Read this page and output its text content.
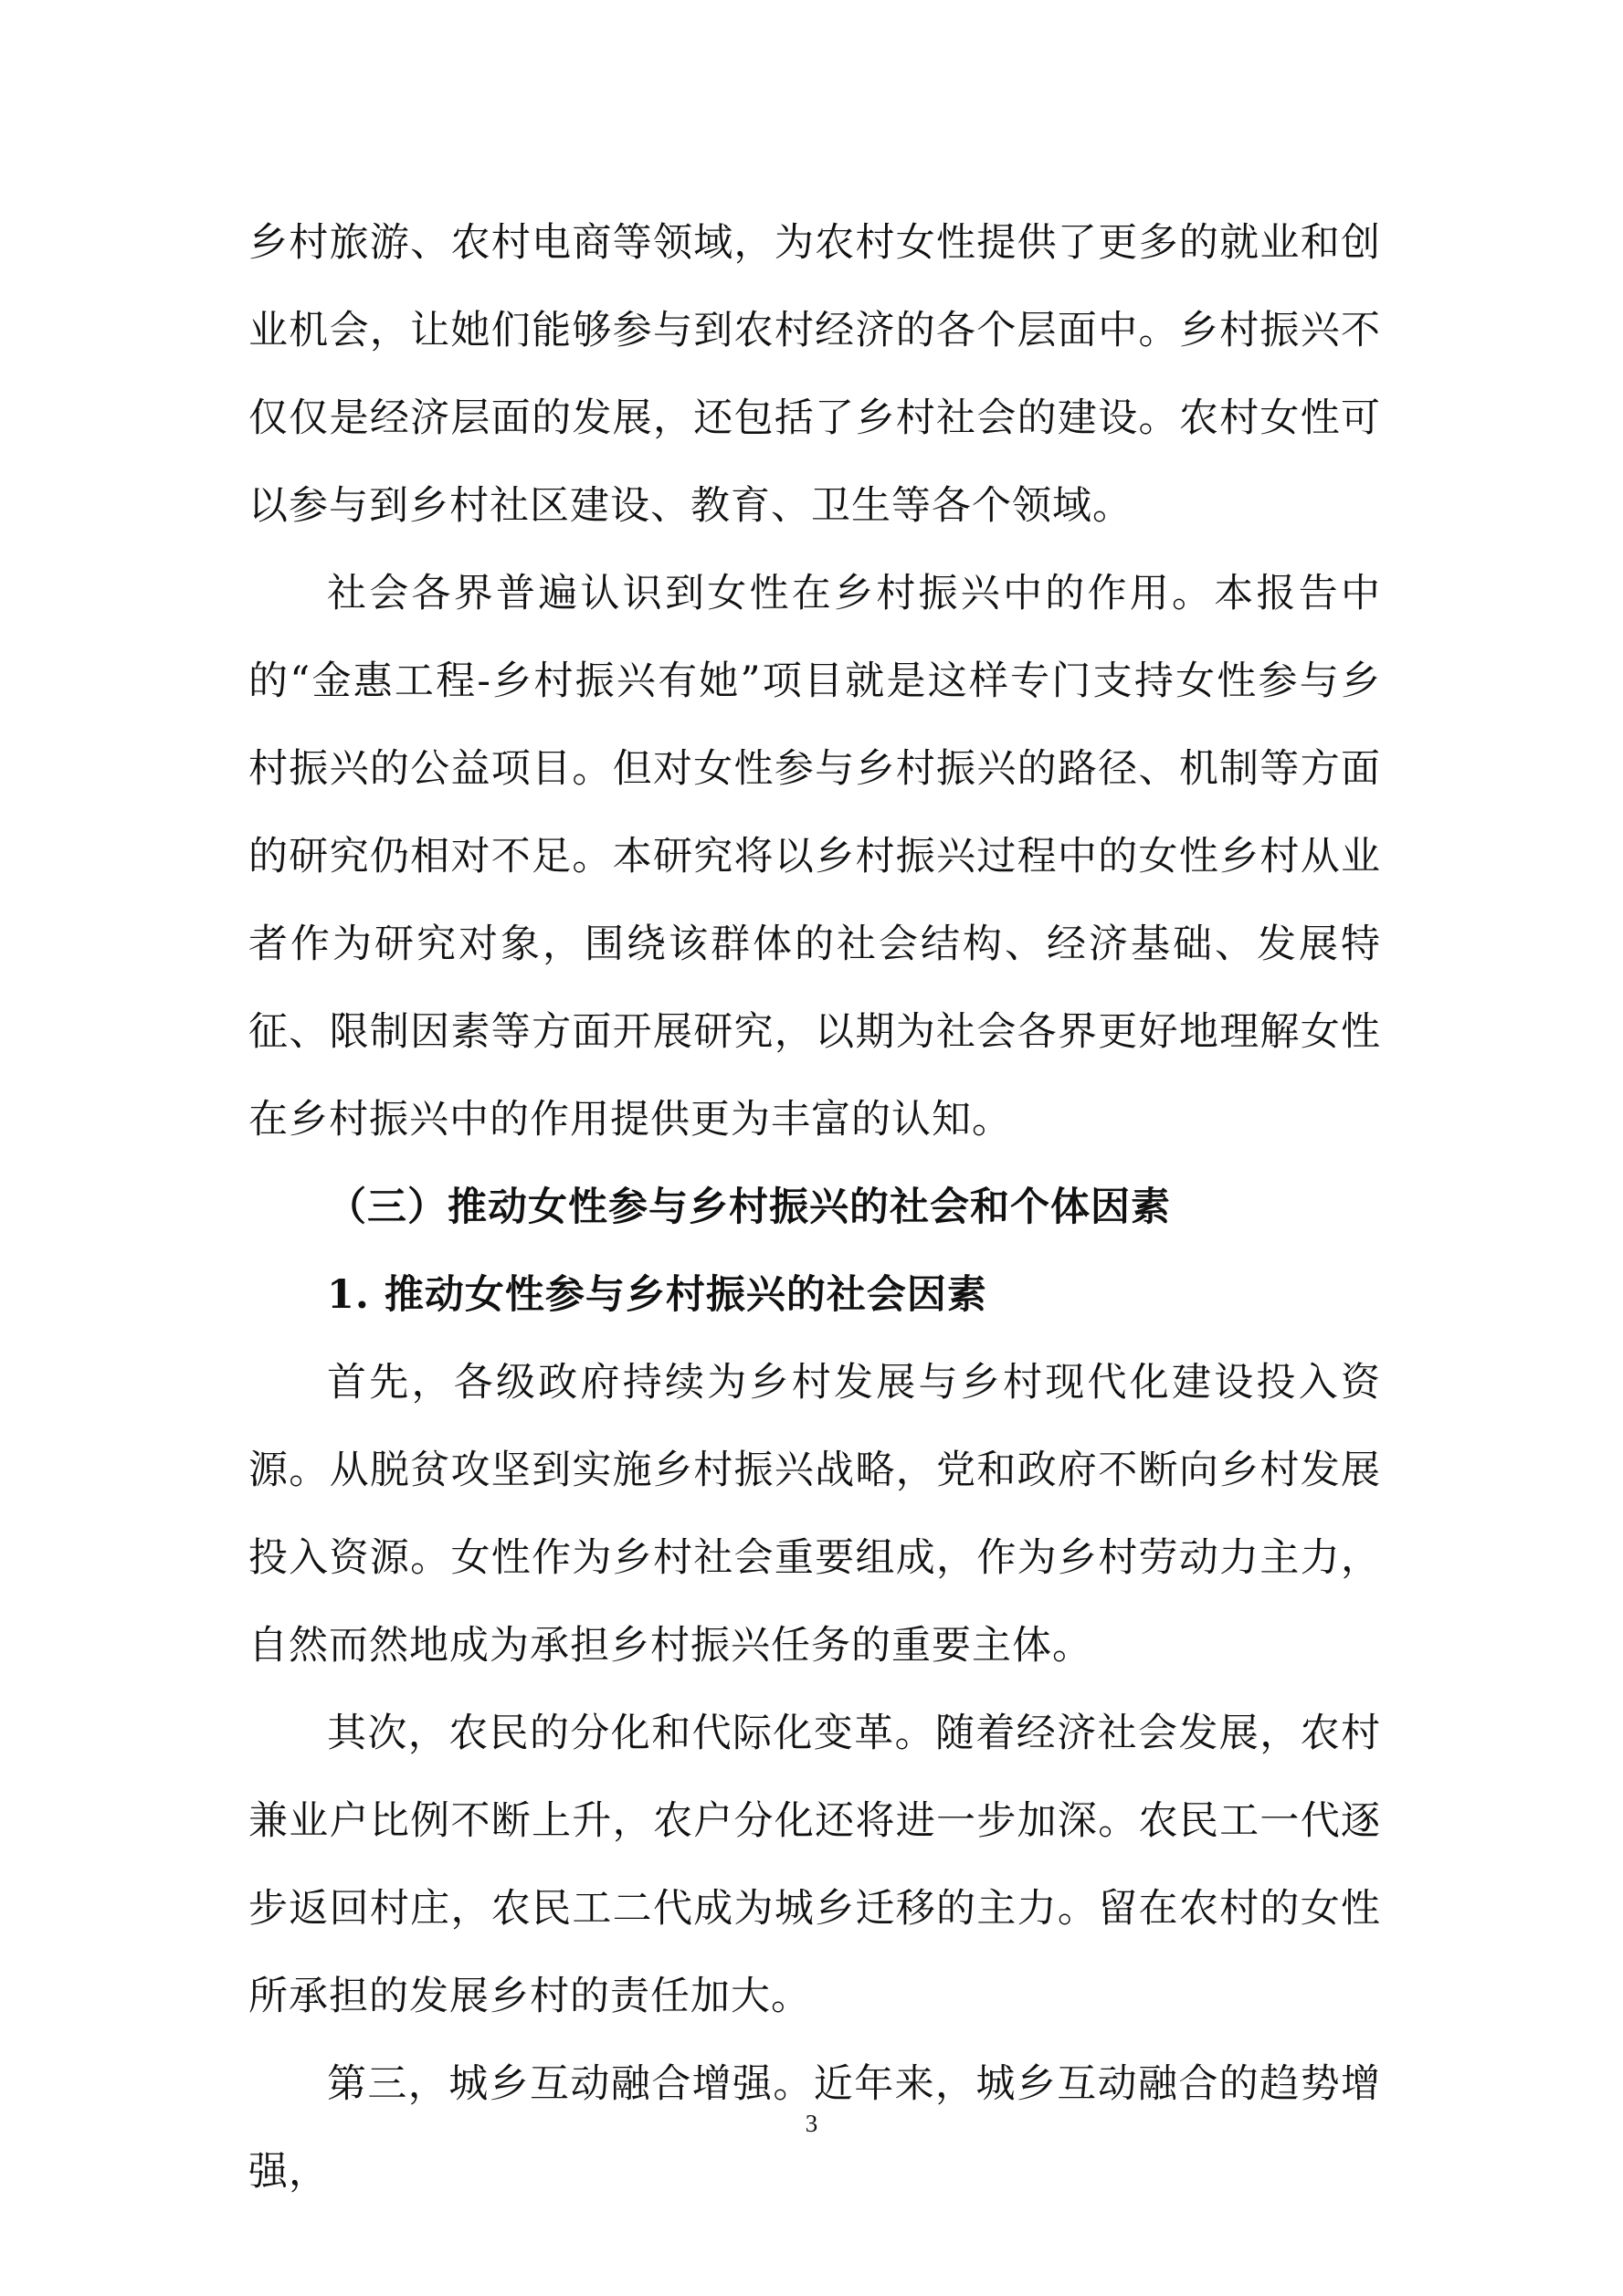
乡村旅游、农村电商等领域，为农村女性提供了更多的就业和创业机会，让她们能够参与到农村经济的各个层面中。乡村振兴不仅仅是经济层面的发展，还包括了乡村社会的建设。农村女性可以参与到乡村社区建设、教育、卫生等各个领域。

社会各界普遍认识到女性在乡村振兴中的作用。本报告中的“金惠工程-乡村振兴有她”项目就是这样专门支持女性参与乡村振兴的公益项目。但对女性参与乡村振兴的路径、机制等方面的研究仍相对不足。本研究将以乡村振兴过程中的女性乡村从业者作为研究对象，围绕该群体的社会结构、经济基础、发展特征、限制因素等方面开展研究，以期为社会各界更好地理解女性在乡村振兴中的作用提供更为丰富的认知。

（三）推动女性参与乡村振兴的社会和个体因素

1. 推动女性参与乡村振兴的社会因素

首先，各级政府持续为乡村发展与乡村现代化建设投入资源。从脱贫攻坚到实施乡村振兴战略，党和政府不断向乡村发展投入资源。女性作为乡村社会重要组成，作为乡村劳动力主力，自然而然地成为承担乡村振兴任务的重要主体。

其次，农民的分化和代际化变革。随着经济社会发展，农村兼业户比例不断上升，农户分化还将进一步加深。农民工一代逐步返回村庄，农民工二代成为城乡迁移的主力。留在农村的女性所承担的发展乡村的责任加大。

第三，城乡互动融合增强。近年来，城乡互动融合的趋势增强，

3
